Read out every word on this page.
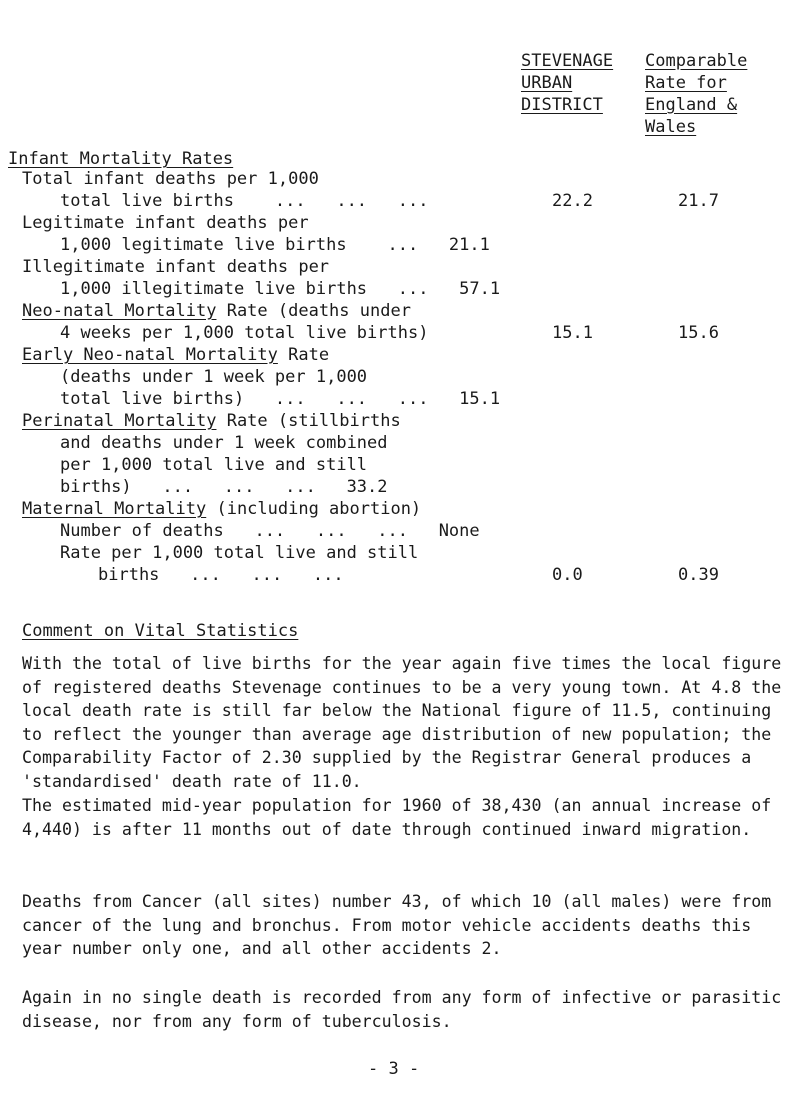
STEVENAGE
URBAN
DISTRICT
Comparable
Rate for
England &
Wales
Infant Mortality Rates
Total infant deaths per 1,000
total live births    ...   ...   ...	22.2	21.7
Legitimate infant deaths per
1,000 legitimate live births    ...   21.1
Illegitimate infant deaths per
1,000 illegitimate live births   ...   57.1
Neo-natal Mortality Rate (deaths under
4 weeks per 1,000 total live births)	15.1	15.6
Early Neo-natal Mortality Rate
(deaths under 1 week per 1,000
total live births)   ...   ...   ...   15.1
Perinatal Mortality Rate (stillbirths
and deaths under 1 week combined
per 1,000 total live and still
births)   ...   ...   ...   33.2
Maternal Mortality (including abortion)
Number of deaths   ...   ...   ...   None
Rate per 1,000 total live and still
births   ...   ...   ...	0.0	0.39
Comment on Vital Statistics
With the total of live births for the year again five times the local figure of registered deaths Stevenage continues to be a very young town. At 4.8 the local death rate is still far below the National figure of 11.5, continuing to reflect the younger than average age distribution of new population; the Comparability Factor of 2.30 supplied by the Registrar General produces a 'standardised' death rate of 11.0.
The estimated mid-year population for 1960 of 38,430 (an annual increase of 4,440) is after 11 months out of date through continued inward migration.
Deaths from Cancer (all sites) number 43, of which 10 (all males) were from cancer of the lung and bronchus. From motor vehicle accidents deaths this year number only one, and all other accidents 2.
Again in no single death is recorded from any form of infective or parasitic disease, nor from any form of tuberculosis.
- 3 -
